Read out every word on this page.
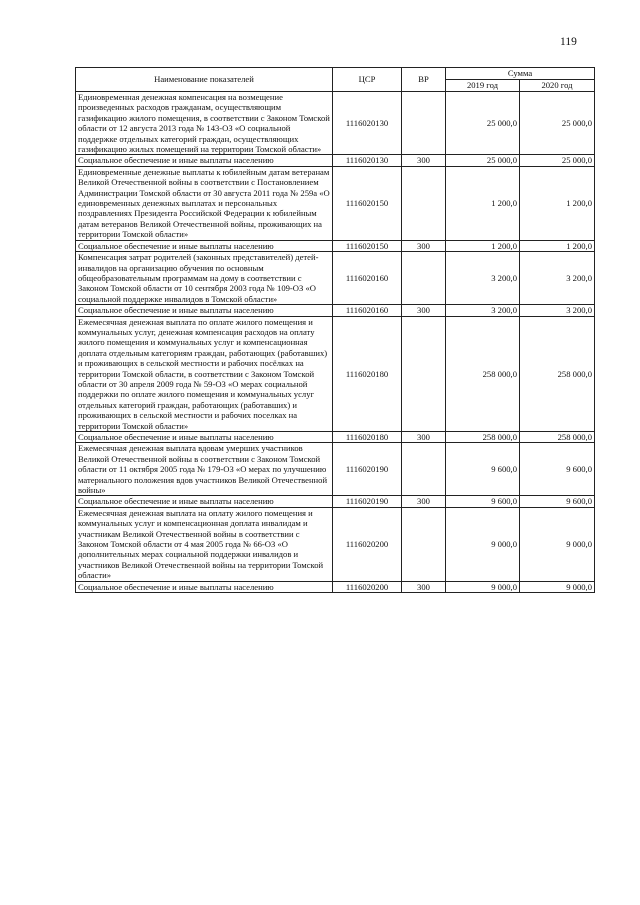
119
Наименование показателей	ЦСР	ВР	Сумма	
			2019 год	2020 год
Единовременная денежная компенсация на возмещение произведенных расходов гражданам, осуществляющим газификацию жилого помещения, в соответствии с Законом Томской области от 12 августа 2013 года № 143-ОЗ «О социальной поддержке отдельных категорий граждан, осуществляющих газификацию жилых помещений на территории Томской области»	1116020130		25 000,0	25 000,0
Социальное обеспечение и иные выплаты населению	1116020130	300	25 000,0	25 000,0
Единовременные денежные выплаты к юбилейным датам ветеранам Великой Отечественной войны в соответствии с Постановлением Администрации Томской области от 30 августа 2011 года № 259а «О единовременных денежных выплатах и персональных поздравлениях Президента Российской Федерации к юбилейным датам ветеранов Великой Отечественной войны, проживающих на территории Томской области»	1116020150		1 200,0	1 200,0
Социальное обеспечение и иные выплаты населению	1116020150	300	1 200,0	1 200,0
Компенсация затрат родителей (законных представителей) детей-инвалидов на организацию обучения по основным общеобразовательным программам на дому в соответствии с Законом Томской области от 10 сентября 2003 года № 109-ОЗ «О социальной поддержке инвалидов в Томской области»	1116020160		3 200,0	3 200,0
Социальное обеспечение и иные выплаты населению	1116020160	300	3 200,0	3 200,0
Ежемесячная денежная выплата по оплате жилого помещения и коммунальных услуг, денежная компенсация расходов на оплату жилого помещения и коммунальных услуг и компенсационная доплата отдельным категориям граждан, работающих (работавших) и проживающих в сельской местности и рабочих посёлках на территории Томской области, в соответствии с Законом Томской области от 30 апреля 2009 года № 59-ОЗ «О мерах социальной поддержки по оплате жилого помещения и коммунальных услуг отдельных категорий граждан, работающих (работавших) и проживающих в сельской местности и рабочих поселках на территории Томской области»	1116020180		258 000,0	258 000,0
Социальное обеспечение и иные выплаты населению	1116020180	300	258 000,0	258 000,0
Ежемесячная денежная выплата вдовам умерших участников Великой Отечественной войны в соответствии с Законом Томской области от 11 октября 2005 года № 179-ОЗ «О мерах по улучшению материального положения вдов участников Великой Отечественной войны»	1116020190		9 600,0	9 600,0
Социальное обеспечение и иные выплаты населению	1116020190	300	9 600,0	9 600,0
Ежемесячная денежная выплата на оплату жилого помещения и коммунальных услуг и компенсационная доплата инвалидам и участникам Великой Отечественной войны в соответствии с Законом Томской области от 4 мая 2005 года № 66-ОЗ «О дополнительных мерах социальной поддержки инвалидов и участников Великой Отечественной войны на территории Томской области»	1116020200		9 000,0	9 000,0
Социальное обеспечение и иные выплаты населению	1116020200	300	9 000,0	9 000,0
